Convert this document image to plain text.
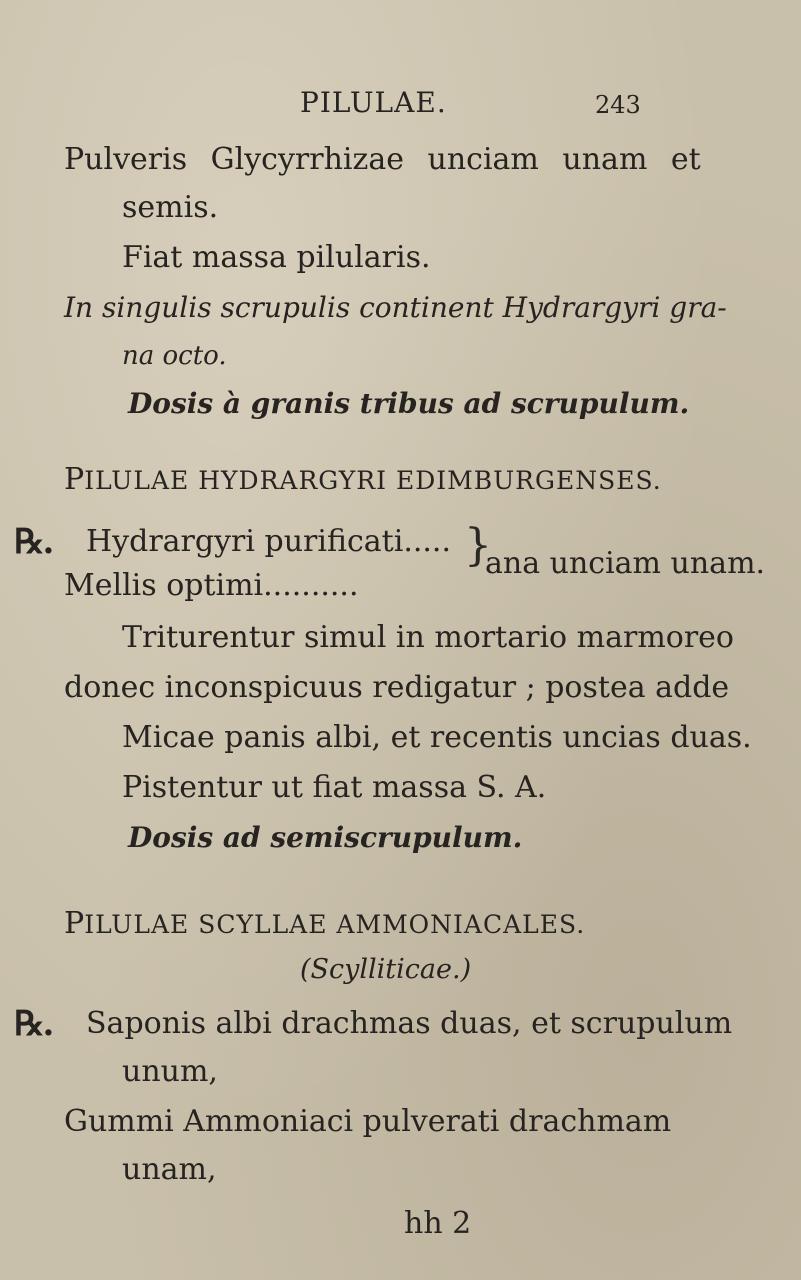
PILULAE.	243
Pulveris Glycyrrhizae unciam unam et
semis.
Fiat massa pilularis.
In singulis scrupulis continent Hydrargyri gra-
na octo.
Dosis à granis tribus ad scrupulum.
PILULAE HYDRARGYRI EDIMBURGENSES.
℞. Hydrargyri purificati.....
Mellis optimi..........
}
ana unciam unam.
Triturentur simul in mortario marmoreo
donec inconspicuus redigatur ; postea adde
Micae panis albi, et recentis uncias duas.
Pistentur ut fiat massa S. A.
Dosis ad semiscrupulum.
PILULAE SCYLLAE AMMONIACALES.
(Scylliticae.)
℞. Saponis albi drachmas duas, et scrupulum
unum,
Gummi Ammoniaci pulverati drachmam
unam,
hh 2
